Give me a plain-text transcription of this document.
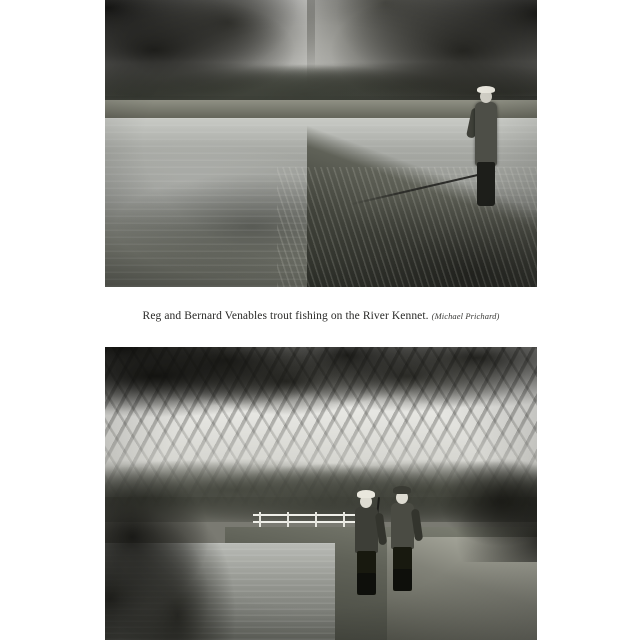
Reg and Bernard Venables trout fishing on the River Kennet. (Michael Prichard)
